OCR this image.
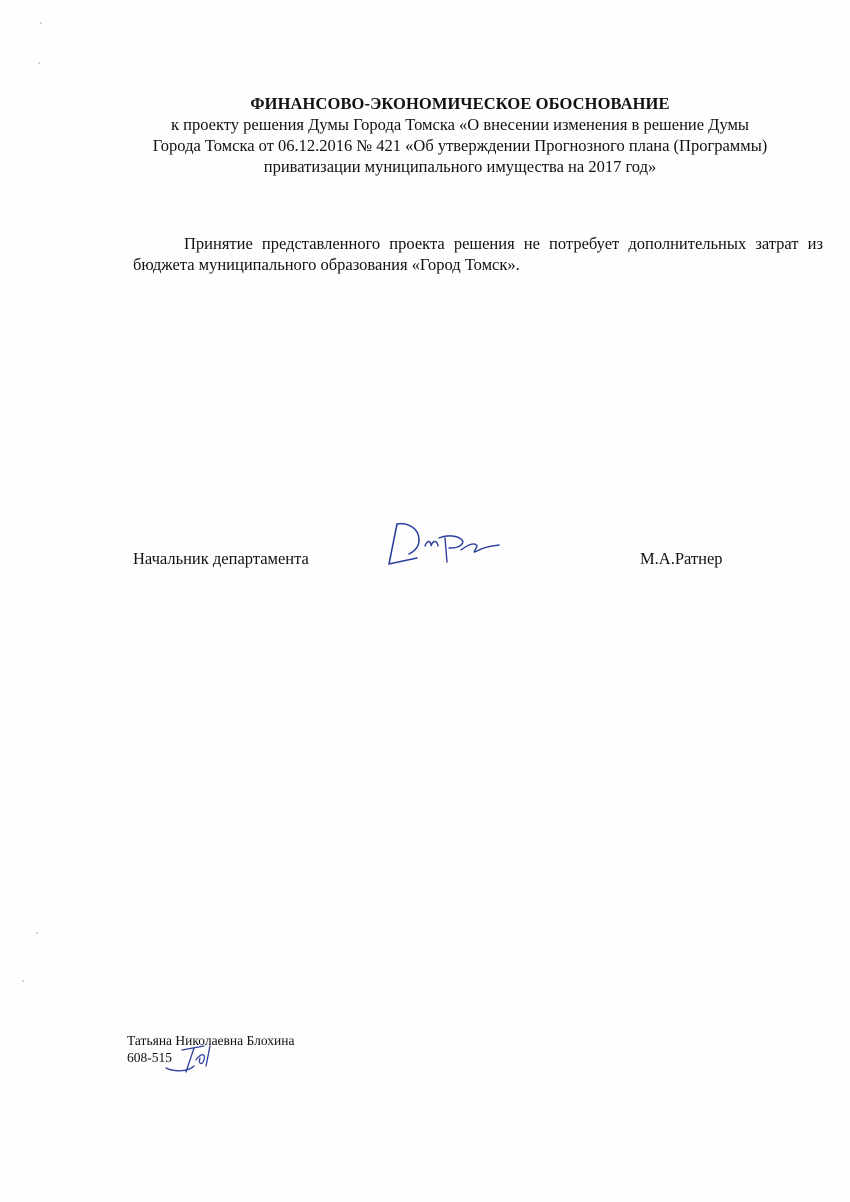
ФИНАНСОВО-ЭКОНОМИЧЕСКОЕ ОБОСНОВАНИЕ
к проекту решения Думы Города Томска «О внесении изменения в решение Думы
Города Томска от 06.12.2016 № 421 «Об утверждении Прогнозного плана (Программы)
приватизации муниципального имущества на 2017 год»
Принятие представленного проекта решения не потребует дополнительных затрат из бюджета муниципального образования «Город Томск».
Начальник департамента	М.А.Ратнер
Татьяна Николаевна Блохина
608-515
